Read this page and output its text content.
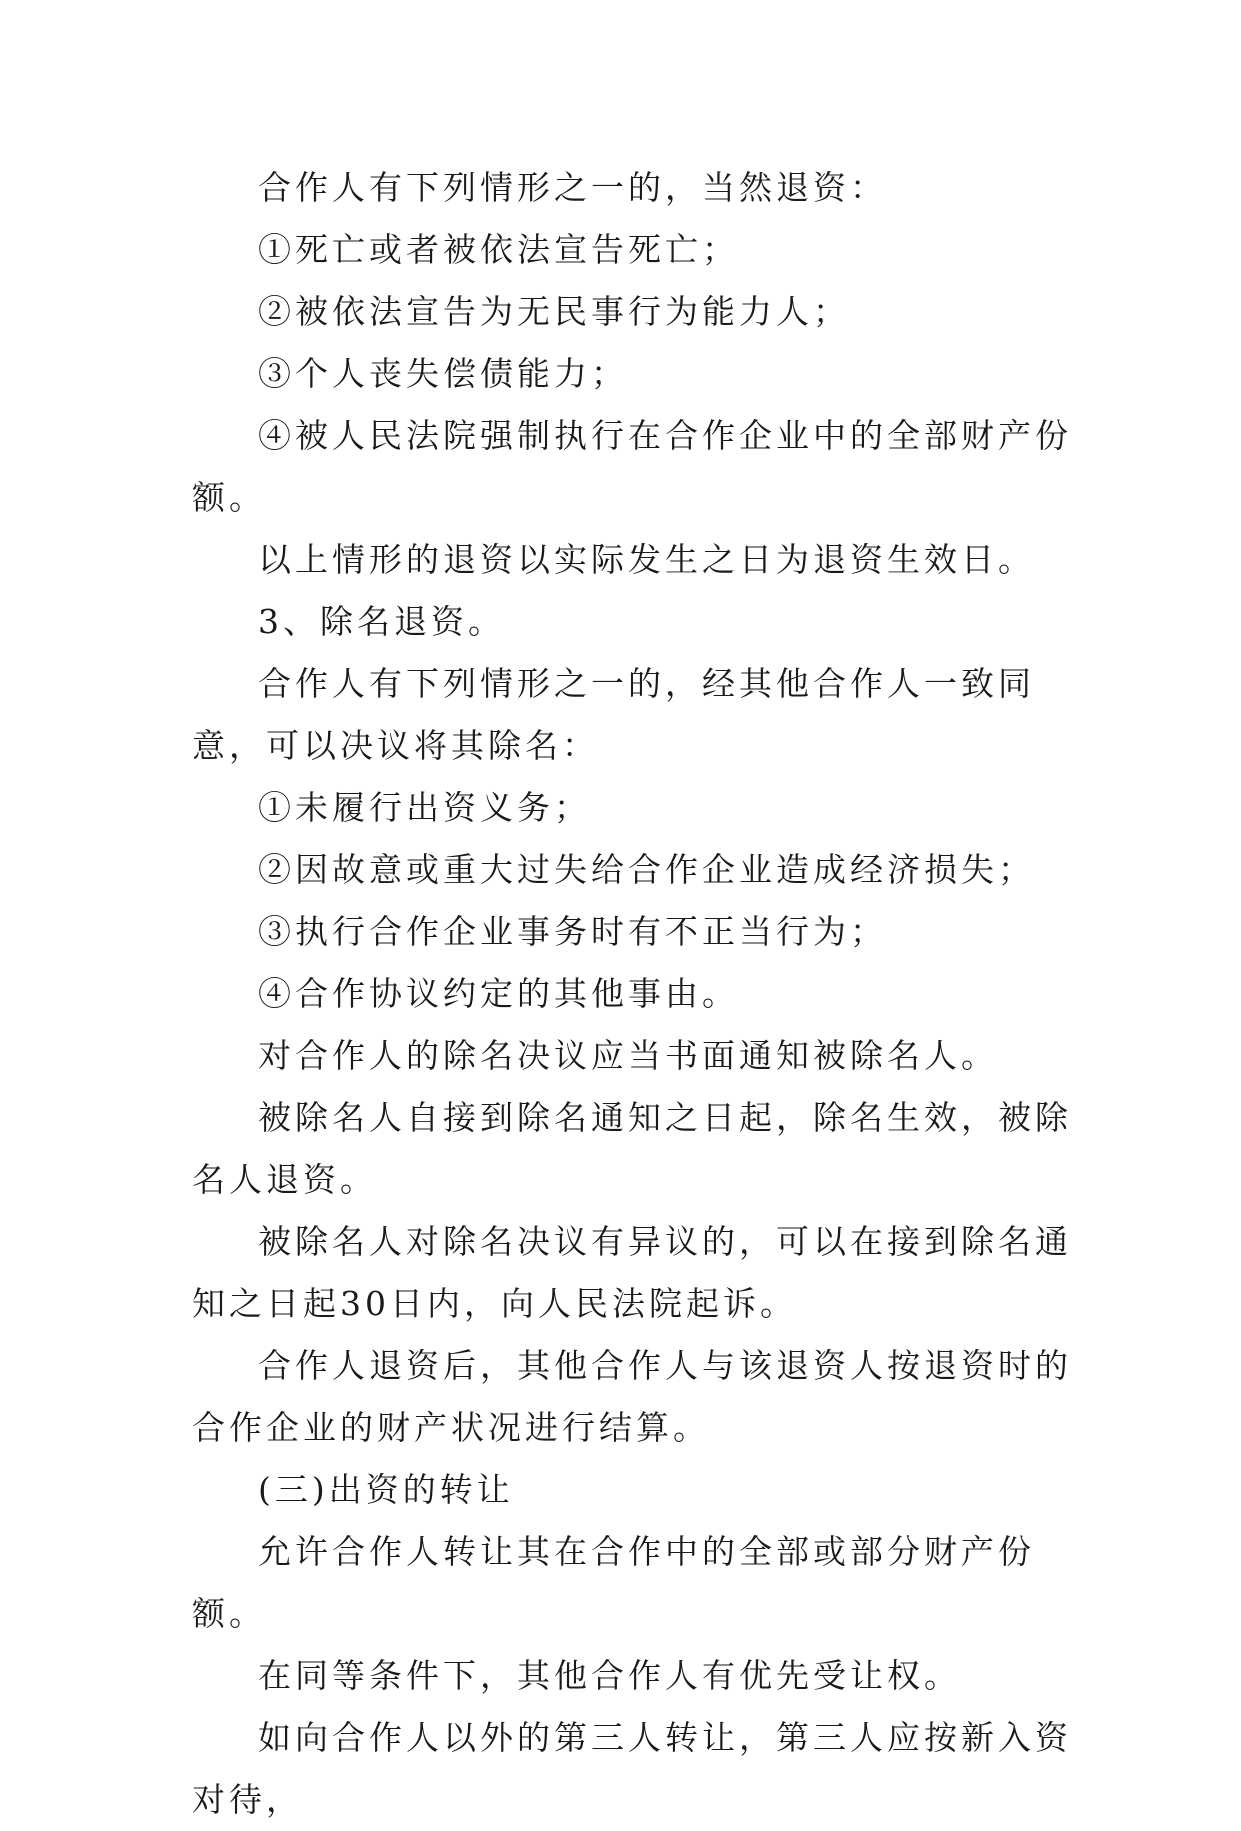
合作人有下列情形之一的，当然退资：

①死亡或者被依法宣告死亡；

②被依法宣告为无民事行为能力人；

③个人丧失偿债能力；

④被人民法院强制执行在合作企业中的全部财产份额。

以上情形的退资以实际发生之日为退资生效日。

3、除名退资。

合作人有下列情形之一的，经其他合作人一致同意，可以决议将其除名：

①未履行出资义务；

②因故意或重大过失给合作企业造成经济损失；

③执行合作企业事务时有不正当行为；

④合作协议约定的其他事由。

对合作人的除名决议应当书面通知被除名人。

被除名人自接到除名通知之日起，除名生效，被除名人退资。

被除名人对除名决议有异议的，可以在接到除名通知之日起30日内，向人民法院起诉。

合作人退资后，其他合作人与该退资人按退资时的合作企业的财产状况进行结算。

(三)出资的转让

允许合作人转让其在合作中的全部或部分财产份额。

在同等条件下，其他合作人有优先受让权。

如向合作人以外的第三人转让，第三人应按新入资对待，
